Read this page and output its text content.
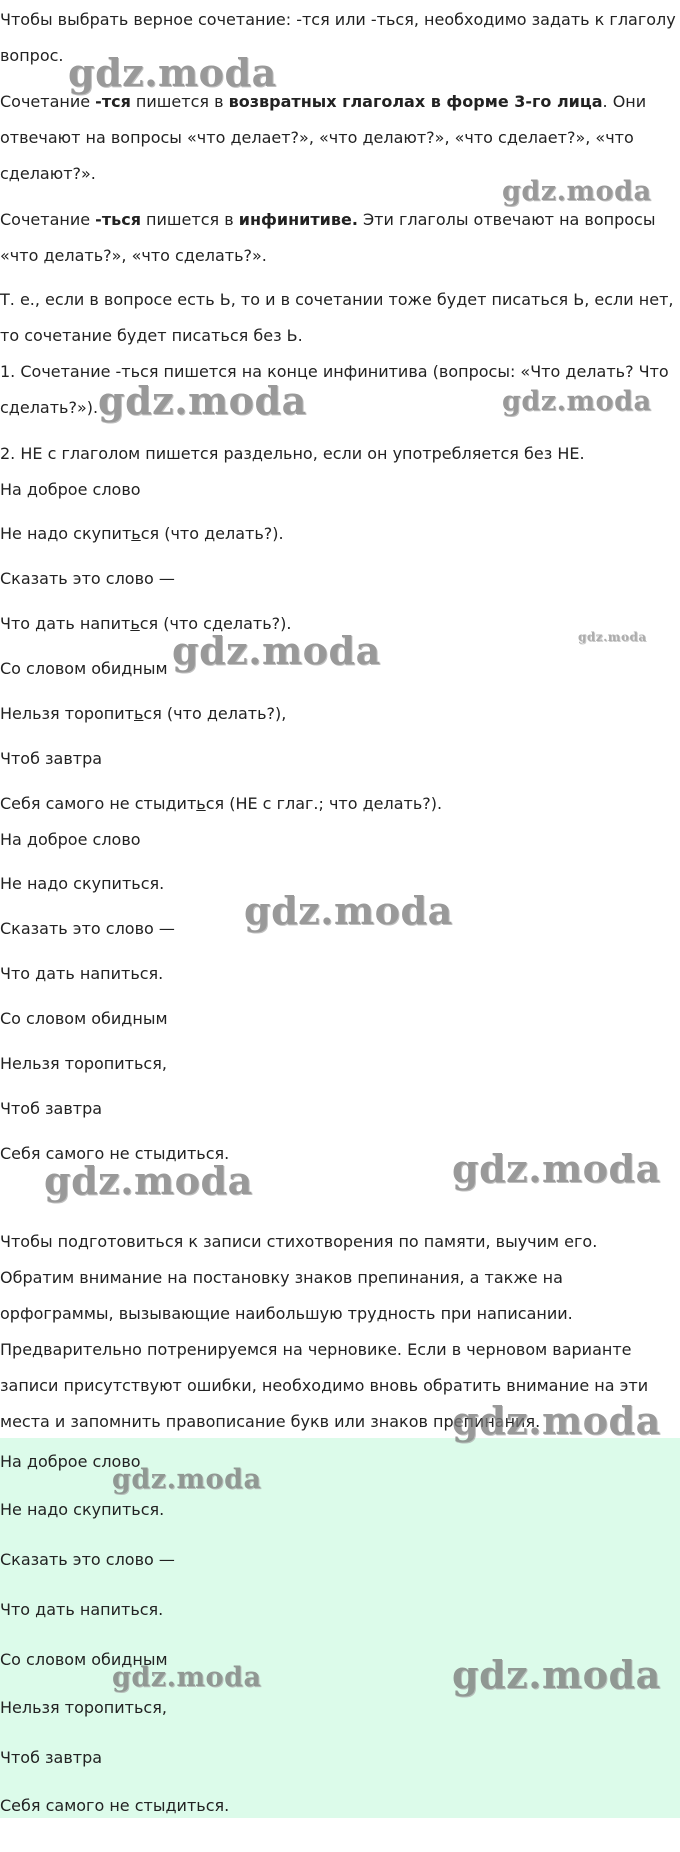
Чтобы выбрать верное сочетание: -тся или -ться, необходимо задать к глаголу вопрос.
Сочетание -тся пишется в возвратных глаголах в форме 3-го лица. Они отвечают на вопросы «что делает?», «что делают?», «что сделает?», «что сделают?».
Сочетание -ться пишется в инфинитиве. Эти глаголы отвечают на вопросы «что делать?», «что сделать?».
Т. е., если в вопросе есть Ь, то и в сочетании тоже будет писаться Ь, если нет, то сочетание будет писаться без Ь.
1. Сочетание -ться пишется на конце инфинитива (вопросы: «Что делать? Что сделать?»).
2. НЕ с глаголом пишется раздельно, если он употребляется без НЕ.
На доброе слово
Не надо скупиться (что делать?).
Сказать это слово —
Что дать напиться (что сделать?).
Со словом обидным
Нельзя торопиться (что делать?),
Чтоб завтра
Себя самого не стыдиться (НЕ с глаг.; что делать?).
На доброе слово
Не надо скупиться.
Сказать это слово —
Что дать напиться.
Со словом обидным
Нельзя торопиться,
Чтоб завтра
Себя самого не стыдиться.
Чтобы подготовиться к записи стихотворения по памяти, выучим его. Обратим внимание на постановку знаков препинания, а также на орфограммы, вызывающие наибольшую трудность при написании. Предварительно потренируемся на черновике. Если в черновом варианте записи присутствуют ошибки, необходимо вновь обратить внимание на эти места и запомнить правописание букв или знаков препинания.
На доброе слово
Не надо скупиться.
Сказать это слово —
Что дать напиться.
Со словом обидным
Нельзя торопиться,
Чтоб завтра
Себя самого не стыдиться.
gdz.moda
gdz.moda
gdz.moda	gdz.moda
gdz.moda
gdz.moda
gdz.moda
gdz.moda	gdz.moda
gdz.moda
gdz.moda
gdz.moda	gdz.moda
